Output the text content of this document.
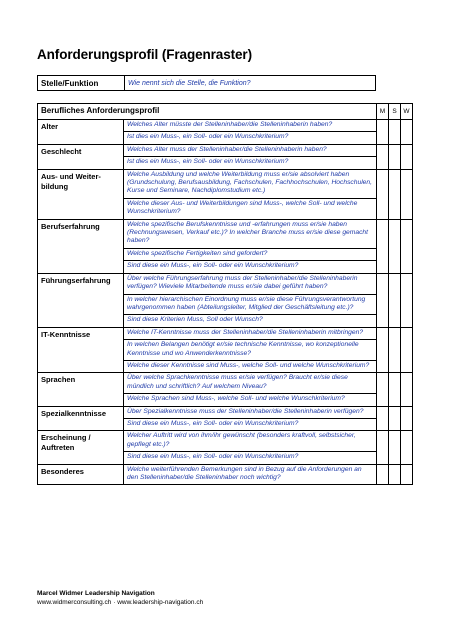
Anforderungsprofil (Fragenraster)
Stelle/Funktion	Wie nennt sich die Stelle, die Funktion?
Berufliches Anforderungsprofil		M	S	W
Alter	Welches Alter müsste der Stelleninhaber/die Stelleninhaberin haben?
Ist dies ein Muss-, ein Soll- oder ein Wunschkriterium?			

Geschlecht	Welches Alter muss der Stelleninhaber/die Stelleninhaberin haben?
Ist dies ein Muss-, ein Soll- oder ein Wunschkriterium?			

Aus- und Weiter-bildung	Welche Ausbildung und welche Weiterbildung muss er/sie absolviert haben (Grundschulung, Berufsausbildung, Fachschulen, Fachhochschulen, Hochschulen, Kurse und Seminare, Nachdiplomstudium etc.)
Welche dieser Aus- und Weiterbildungen sind Muss-, welche Soll- und welche Wunschkriterium?			

Berufserfahrung	Welche spezifische Berufskenntnisse und -erfahrungen muss er/sie haben (Rechnungswesen, Verkauf etc.)? In welcher Branche muss er/sie diese gemacht haben?
Welche spezifische Fertigkeiten sind gefordert?
Sind diese ein Muss-, ein Soll- oder ein Wunschkriterium?			

Führungserfahrung	Über welche Führungserfahrung muss der Stelleninhaber/die Stelleninhaberin verfügen? Wieviele Mitarbeitende muss er/sie dabei geführt haben?
In welcher hierarchischen Einordnung muss er/sie diese Führungsverantwortung wahrgenommen haben (Abteilungsleiter, Mitglied der Geschäftsleitung etc.)?
Sind diese Kriterien Muss, Soll oder Wunsch?			

IT-Kenntnisse	Welche IT-Kenntnisse muss der Stelleninhaber/die Stelleninhaberin mitbringen?
In welchen Belangen benötigt er/sie technische Kenntnisse, wo konzeptionelle Kenntnisse und wo Anwenderkenntnisse?
Welche dieser Kenntnisse sind Muss-, welche Soll- und welche Wunschkriterium?			

Sprachen	Über welche Sprachkenntnisse muss er/sie verfügen? Braucht er/sie diese mündlich und schriftlich? Auf welchem Niveau?
Welche Sprachen sind Muss-, welche Soll- und welche Wunschkriterium?			

Spezialkenntnisse	Über Spezialkenntnisse muss der Stelleninhaber/die Stelleninhaberin verfügen?
Sind diese ein Muss-, ein Soll- oder ein Wunschkriterium?			

Erscheinung / Auftreten	Welcher Auftritt wird von ihm/ihr gewünscht (besonders kraftvoll, selbstsicher, gepflegt etc.)?
Sind diese ein Muss-, ein Soll- oder ein Wunschkriterium?			

Besonderes	Welche weiterführenden Bemerkungen sind in Bezug auf die Anforderungen an den Stelleninhaber/die Stelleninhaber noch wichtig?			

Marcel Widmer Leadership Navigation
www.widmerconsulting.ch · www.leadership-navigation.ch
